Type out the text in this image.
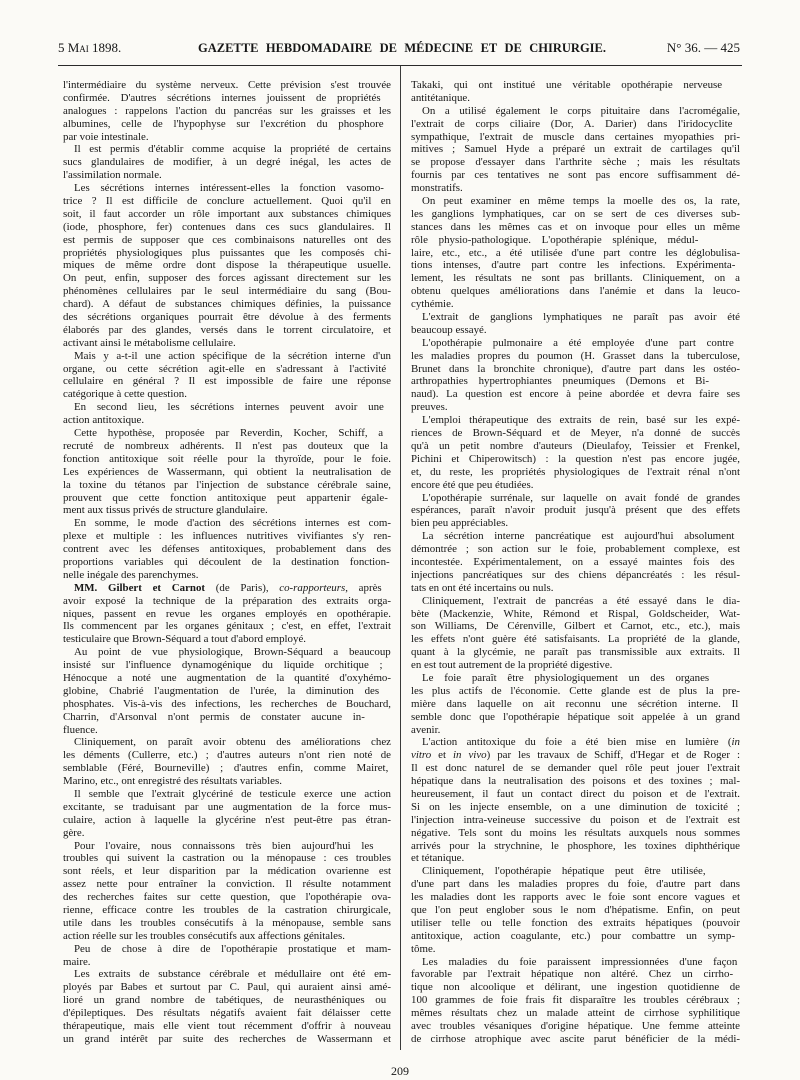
5 Mai 1898.	GAZETTE HEBDOMADAIRE DE MÉDECINE ET DE CHIRURGIE.	N° 36. — 425
l'intermédiaire du système nerveux. Cette prévision s'est trouvée
confirmée. D'autres sécrétions internes jouissent de propriétés
analogues : rappelons l'action du pancréas sur les graisses et les
albumines, celle de l'hypophyse sur l'excrétion du phosphore
par voie intestinale.
Il est permis d'établir comme acquise la propriété de certains
sucs glandulaires de modifier, à un degré inégal, les actes de
l'assimilation normale.
Les sécrétions internes intéressent-elles la fonction vasomo-
trice ? Il est difficile de conclure actuellement. Quoi qu'il en
soit, il faut accorder un rôle important aux substances chimiques
(iode, phosphore, fer) contenues dans ces sucs glandulaires. Il
est permis de supposer que ces combinaisons naturelles ont des
propriétés physiologiques plus puissantes que les composés chi-
miques de même ordre dont dispose la thérapeutique usuelle.
On peut, enfin, supposer des forces agissant directement sur les
phénomènes cellulaires par le seul intermédiaire du sang (Bou-
chard). A défaut de substances chimiques définies, la puissance
des sécrétions organiques pourrait être dévolue à des ferments
élaborés par des glandes, versés dans le torrent circulatoire, et
activant ainsi le métabolisme cellulaire.
Mais y a-t-il une action spécifique de la sécrétion interne d'un
organe, ou cette sécrétion agit-elle en s'adressant à l'activité
cellulaire en général ? Il est impossible de faire une réponse
catégorique à cette question.
En second lieu, les sécrétions internes peuvent avoir une
action antitoxique.
Cette hypothèse, proposée par Reverdin, Kocher, Schiff, a
recruté de nombreux adhérents. Il n'est pas douteux que la
fonction antitoxique soit réelle pour la thyroïde, pour le foie.
Les expériences de Wassermann, qui obtient la neutralisation de
la toxine du tétanos par l'injection de substance cérébrale saine,
prouvent que cette fonction antitoxique peut appartenir égale-
ment aux tissus privés de structure glandulaire.
En somme, le mode d'action des sécrétions internes est com-
plexe et multiple : les influences nutritives vivifiantes s'y ren-
contrent avec les défenses antitoxiques, probablement dans des
proportions variables qui découlent de la destination fonction-
nelle inégale des parenchymes.
MM. Gilbert et Carnot (de Paris), co-rapporteurs, après
avoir exposé la technique de la préparation des extraits orga-
niques, passent en revue les organes employés en opothérapie.
Ils commencent par les organes génitaux ; c'est, en effet, l'extrait
testiculaire que Brown-Séquard a tout d'abord employé.
Au point de vue physiologique, Brown-Séquard a beaucoup
insisté sur l'influence dynamogénique du liquide orchitique ;
Hénocque a noté une augmentation de la quantité d'oxyhémo-
globine, Chabrié l'augmentation de l'urée, la diminution des
phosphates. Vis-à-vis des infections, les recherches de Bouchard,
Charrin, d'Arsonval n'ont permis de constater aucune in-
fluence.
Cliniquement, on paraît avoir obtenu des améliorations chez
les déments (Cullerre, etc.) ; d'autres auteurs n'ont rien noté de
semblable (Féré, Bourneville) ; d'autres enfin, comme Mairet,
Marino, etc., ont enregistré des résultats variables.
Il semble que l'extrait glycériné de testicule exerce une action
excitante, se traduisant par une augmentation de la force mus-
culaire, action à laquelle la glycérine n'est peut-être pas étran-
gère.
Pour l'ovaire, nous connaissons très bien aujourd'hui les
troubles qui suivent la castration ou la ménopause : ces troubles
sont réels, et leur disparition par la médication ovarienne est
assez nette pour entraîner la conviction. Il résulte notamment
des recherches faites sur cette question, que l'opothérapie ova-
rienne, efficace contre les troubles de la castration chirurgicale,
utile dans les troubles consécutifs à la ménopause, semble sans
action réelle sur les troubles consécutifs aux affections génitales.
Peu de chose à dire de l'opothérapie prostatique et mam-
maire.
Les extraits de substance cérébrale et médullaire ont été em-
ployés par Babes et surtout par C. Paul, qui auraient ainsi amé-
lioré un grand nombre de tabétiques, de neurasthéniques ou
d'épileptiques. Des résultats négatifs avaient fait délaisser cette
thérapeutique, mais elle vient tout récemment d'offrir à nouveau
un grand intérêt par suite des recherches de Wassermann et
Takaki, qui ont institué une véritable opothérapie nerveuse
antitétanique.
On a utilisé également le corps pituitaire dans l'acromégalie,
l'extrait de corps ciliaire (Dor, A. Darier) dans l'iridocyclite
sympathique, l'extrait de muscle dans certaines myopathies pri-
mitives ; Samuel Hyde a préparé un extrait de cartilages qu'il
se propose d'essayer dans l'arthrite sèche ; mais les résultats
fournis par ces tentatives ne sont pas encore suffisamment dé-
monstratifs.
On peut examiner en même temps la moelle des os, la rate,
les ganglions lymphatiques, car on se sert de ces diverses sub-
stances dans les mêmes cas et on invoque pour elles un même
rôle physio-pathologique. L'opothérapie splénique, médul-
laire, etc., etc., a été utilisée d'une part contre les déglobulisa-
tions intenses, d'autre part contre les infections. Expérimenta-
lement, les résultats ne sont pas brillants. Cliniquement, on a
obtenu quelques améliorations dans l'anémie et dans la leuco-
cythémie.
L'extrait de ganglions lymphatiques ne paraît pas avoir été
beaucoup essayé.
L'opothérapie pulmonaire a été employée d'une part contre
les maladies propres du poumon (H. Grasset dans la tuberculose,
Brunet dans la bronchite chronique), d'autre part dans les ostéo-
arthropathies hypertrophiantes pneumiques (Demons et Bi-
naud). La question est encore à peine abordée et devra faire ses
preuves.
L'emploi thérapeutique des extraits de rein, basé sur les expé-
riences de Brown-Séquard et de Meyer, n'a donné de succès
qu'à un petit nombre d'auteurs (Dieulafoy, Teissier et Frenkel,
Pichini et Chiperowitsch) : la question n'est pas encore jugée,
et, du reste, les propriétés physiologiques de l'extrait rénal n'ont
encore été que peu étudiées.
L'opothérapie surrénale, sur laquelle on avait fondé de grandes
espérances, paraît n'avoir produit jusqu'à présent que des effets
bien peu appréciables.
La sécrétion interne pancréatique est aujourd'hui absolument
démontrée ; son action sur le foie, probablement complexe, est
incontestée. Expérimentalement, on a essayé maintes fois des
injections pancréatiques sur des chiens dépancréatés : les résul-
tats en ont été incertains ou nuls.
Cliniquement, l'extrait de pancréas a été essayé dans le dia-
bète (Mackenzie, White, Rémond et Rispal, Goldscheider, Wat-
son Williams, De Cérenville, Gilbert et Carnot, etc., etc.), mais
les effets n'ont guère été satisfaisants. La propriété de la glande,
quant à la glycémie, ne paraît pas transmissible aux extraits. Il
en est tout autrement de la propriété digestive.
Le foie paraît être physiologiquement un des organes
les plus actifs de l'économie. Cette glande est de plus la pre-
mière dans laquelle on ait reconnu une sécrétion interne. Il
semble donc que l'opothérapie hépatique soit appelée à un grand
avenir.
L'action antitoxique du foie a été bien mise en lumière (in
vitro et in vivo) par les travaux de Schiff, d'Hegar et de Roger :
Il est donc naturel de se demander quel rôle peut jouer l'extrait
hépatique dans la neutralisation des poisons et des toxines ; mal-
heureusement, il faut un contact direct du poison et de l'extrait.
Si on les injecte ensemble, on a une diminution de toxicité ;
l'injection intra-veineuse successive du poison et de l'extrait est
négative. Tels sont du moins les résultats auxquels nous sommes
arrivés pour la strychnine, le phosphore, les toxines diphthérique
et tétanique.
Cliniquement, l'opothérapie hépatique peut être utilisée,
d'une part dans les maladies propres du foie, d'autre part dans
les maladies dont les rapports avec le foie sont encore vagues et
que l'on peut englober sous le nom d'hépatisme. Enfin, on peut
utiliser telle ou telle fonction des extraits hépatiques (pouvoir
antitoxique, action coagulante, etc.) pour combattre un symp-
tôme.
Les maladies du foie paraissent impressionnées d'une façon
favorable par l'extrait hépatique non altéré. Chez un cirrho-
tique non alcoolique et délirant, une ingestion quotidienne de
100 grammes de foie frais fit disparaître les troubles cérébraux ;
mêmes résultats chez un malade atteint de cirrhose syphilitique
avec troubles vésaniques d'origine hépatique. Une femme atteinte
de cirrhose atrophique avec ascite parut bénéficier de la médi-
209
